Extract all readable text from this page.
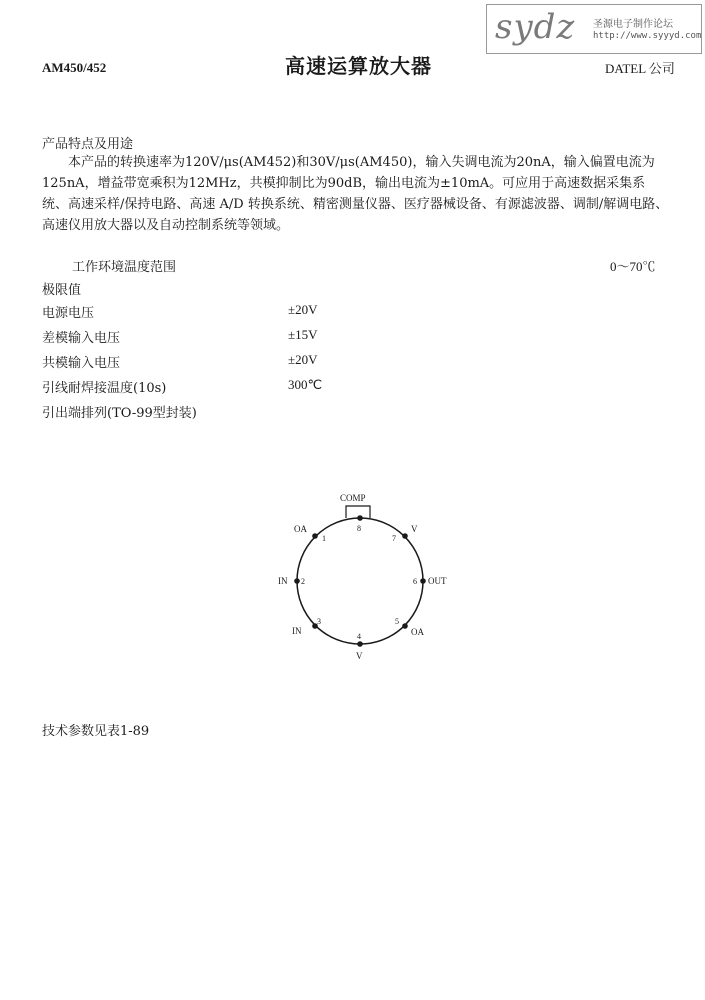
sydz 圣源电子制作论坛
http://www.syyyd.com
AM450/452	高速运算放大器	DATEL 公司
产品特点及用途

本产品的转换速率为120V/μs(AM452)和30V/μs(AM450)，输入失调电流为20nA，输入偏置电流为125nA，增益带宽乘积为12MHz，共模抑制比为90dB，输出电流为±10mA。可应用于高速数据采集系统、高速采样/保持电路、高速 A/D 转换系统、精密测量仪器、医疗器械设备、有源滤波器、调制/解调电路、高速仪用放大器以及自动控制系统等领域。

工作环境温度范围	0～70℃
极限值
电源电压	±20V
差模输入电压	±15V
共模输入电压	±20V
引线耐焊接温度(10s)	300℃
引出端排列(TO-99型封装)
COMP
8
1	7
2	6
3	5
4
OA	V
IN	OUT
IN	OA
V
技术参数见表1-89
